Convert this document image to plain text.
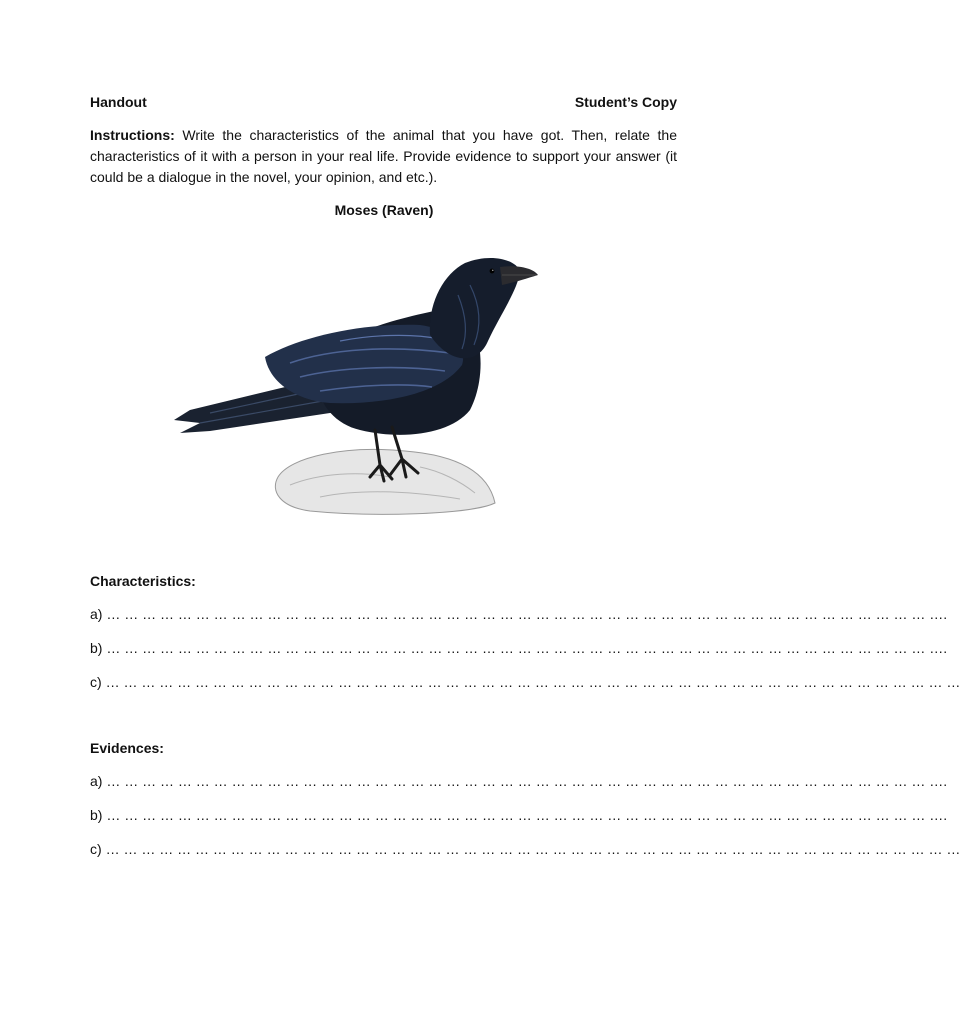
Handout	Student’s Copy
Instructions: Write the characteristics of the animal that you have got. Then, relate the characteristics of it with a person in your real life. Provide evidence to support your answer (it could be a dialogue in the novel, your opinion, and etc.).
Moses (Raven)
Characteristics:
a) … … … … … … … … … … … … … … … … … … … … … … … … … … … … … … … … … … … … … … … … … … … … … … ….
b) … … … … … … … … … … … … … … … … … … … … … … … … … … … … … … … … … … … … … … … … … … … … … … ….
c) … … … … … … … … … … … … … … … … … … … … … … … … … … … … … … … … … … … … … … … … … … … … … … … …
Evidences:
a) … … … … … … … … … … … … … … … … … … … … … … … … … … … … … … … … … … … … … … … … … … … … … … ….
b) … … … … … … … … … … … … … … … … … … … … … … … … … … … … … … … … … … … … … … … … … … … … … … ….
c) … … … … … … … … … … … … … … … … … … … … … … … … … … … … … … … … … … … … … … … … … … … … … … … …
